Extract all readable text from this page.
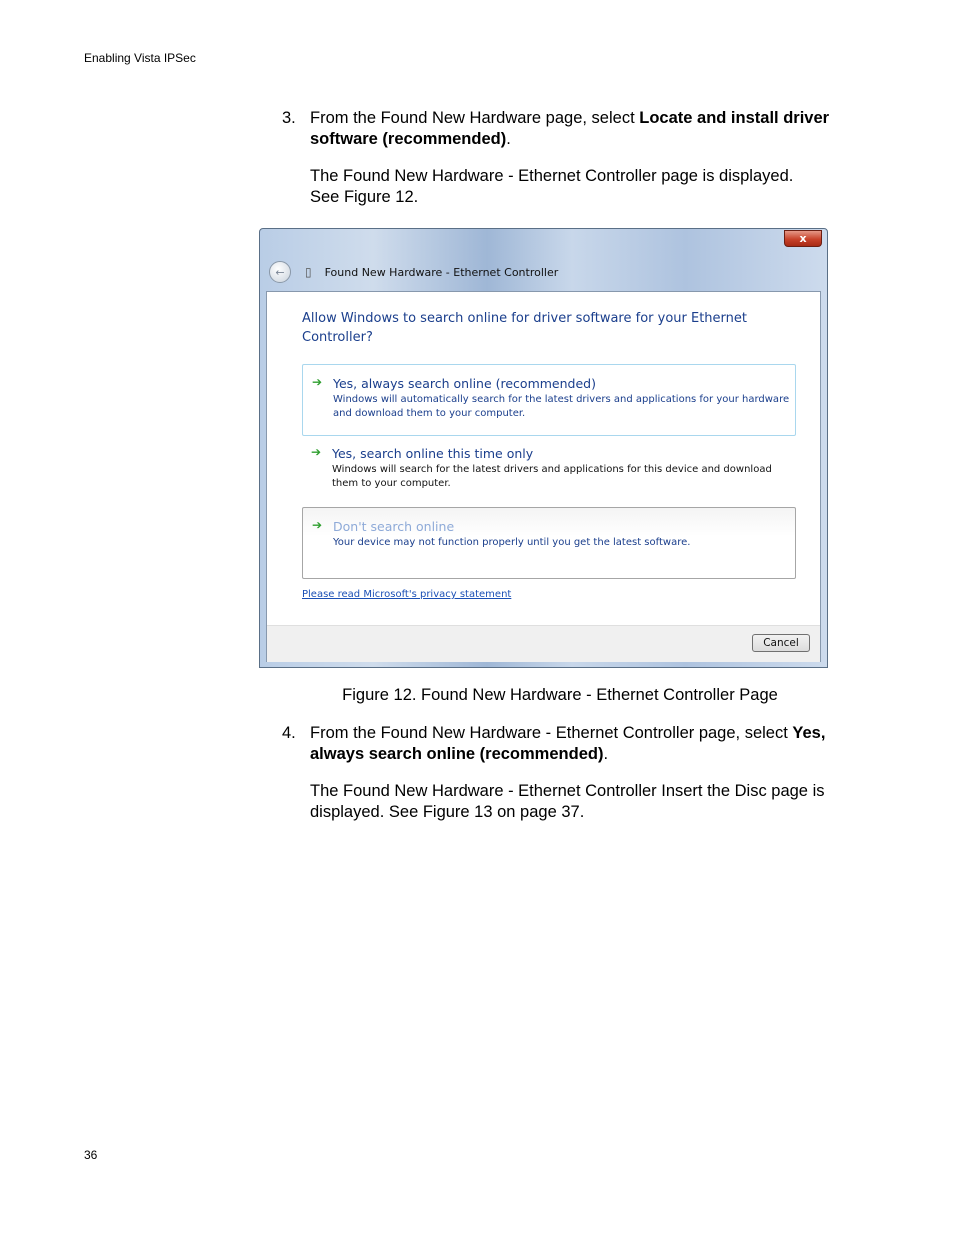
Enabling Vista IPSec
3. From the Found New Hardware page, select Locate and install driver software (recommended).

The Found New Hardware - Ethernet Controller page is displayed.
See Figure 12.

x
←	▯ Found New Hardware - Ethernet Controller
Allow Windows to search online for driver software for your Ethernet Controller?
➔ Yes, always search online (recommended)
Windows will automatically search for the latest drivers and applications for your hardware and download them to your computer.
➔ Yes, search online this time only
Windows will search for the latest drivers and applications for this device and download them to your computer.
➔ Don't search online
Your device may not function properly until you get the latest software.
Please read Microsoft's privacy statement
Cancel
Figure 12. Found New Hardware - Ethernet Controller Page
4. From the Found New Hardware - Ethernet Controller page, select Yes, always search online (recommended).

The Found New Hardware - Ethernet Controller Insert the Disc page is
displayed. See Figure 13 on page 37.

36
